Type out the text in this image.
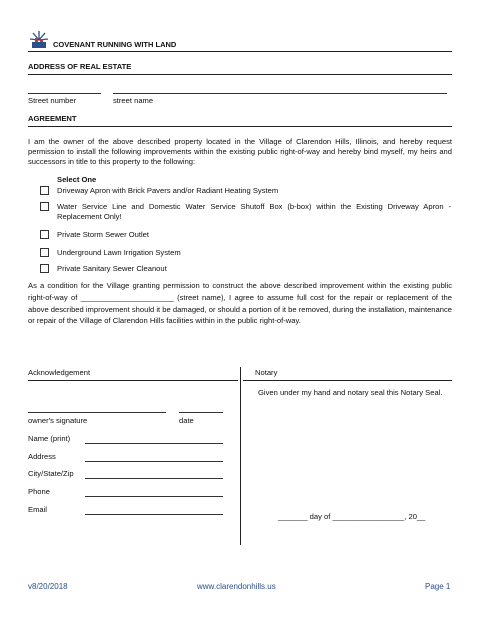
COVENANT RUNNING WITH LAND
ADDRESS OF REAL ESTATE
Street number	street name
AGREEMENT
I am the owner of the above described property located in the Village of Clarendon Hills, Illinois, and hereby request permission to install the following improvements within the existing public right-of-way and hereby bind myself, my heirs and successors in title to this property to the following:
Select One
Driveway Apron with Brick Pavers and/or Radiant Heating System
Water Service Line and Domestic Water Service Shutoff Box (b-box) within the Existing Driveway Apron - Replacement Only!
Private Storm Sewer Outlet
Underground Lawn Irrigation System
Private Sanitary Sewer Cleanout
As a condition for the Village granting permission to construct the above described improvement within the existing public right-of-way of ______________________ (street name), I agree to assume full cost for the repair or replacement of the above described improvement should it be damaged, or should a portion of it be removed, during the installation, maintenance or repair of the Village of Clarendon Hills facilities within in the public right-of-way.
Acknowledgement
owner's signature	date
Name (print)
Address
City/State/Zip
Phone
Email
Notary
Given under my hand and notary seal this Notary Seal.
_______ day of _________________, 20__
v8/20/2018	www.clarendonhills.us	Page 1
